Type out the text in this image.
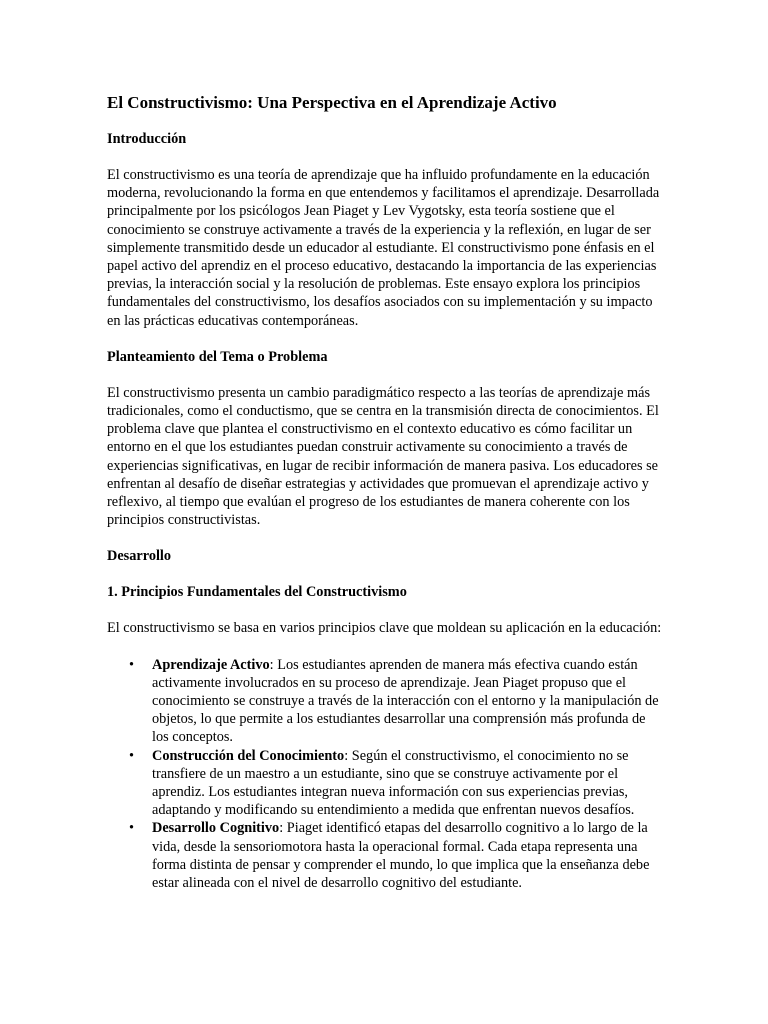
El Constructivismo: Una Perspectiva en el Aprendizaje Activo
Introducción

El constructivismo es una teoría de aprendizaje que ha influido profundamente en la educación moderna, revolucionando la forma en que entendemos y facilitamos el aprendizaje. Desarrollada principalmente por los psicólogos Jean Piaget y Lev Vygotsky, esta teoría sostiene que el conocimiento se construye activamente a través de la experiencia y la reflexión, en lugar de ser simplemente transmitido desde un educador al estudiante. El constructivismo pone énfasis en el papel activo del aprendiz en el proceso educativo, destacando la importancia de las experiencias previas, la interacción social y la resolución de problemas. Este ensayo explora los principios fundamentales del constructivismo, los desafíos asociados con su implementación y su impacto en las prácticas educativas contemporáneas.

Planteamiento del Tema o Problema

El constructivismo presenta un cambio paradigmático respecto a las teorías de aprendizaje más tradicionales, como el conductismo, que se centra en la transmisión directa de conocimientos. El problema clave que plantea el constructivismo en el contexto educativo es cómo facilitar un entorno en el que los estudiantes puedan construir activamente su conocimiento a través de experiencias significativas, en lugar de recibir información de manera pasiva. Los educadores se enfrentan al desafío de diseñar estrategias y actividades que promuevan el aprendizaje activo y reflexivo, al tiempo que evalúan el progreso de los estudiantes de manera coherente con los principios constructivistas.

Desarrollo
1. Principios Fundamentales del Constructivismo

El constructivismo se basa en varios principios clave que moldean su aplicación en la educación:

• Aprendizaje Activo: Los estudiantes aprenden de manera más efectiva cuando están activamente involucrados en su proceso de aprendizaje. Jean Piaget propuso que el conocimiento se construye a través de la interacción con el entorno y la manipulación de objetos, lo que permite a los estudiantes desarrollar una comprensión más profunda de los conceptos.
• Construcción del Conocimiento: Según el constructivismo, el conocimiento no se transfiere de un maestro a un estudiante, sino que se construye activamente por el aprendiz. Los estudiantes integran nueva información con sus experiencias previas, adaptando y modificando su entendimiento a medida que enfrentan nuevos desafíos.
• Desarrollo Cognitivo: Piaget identificó etapas del desarrollo cognitivo a lo largo de la vida, desde la sensoriomotora hasta la operacional formal. Cada etapa representa una forma distinta de pensar y comprender el mundo, lo que implica que la enseñanza debe estar alineada con el nivel de desarrollo cognitivo del estudiante.
